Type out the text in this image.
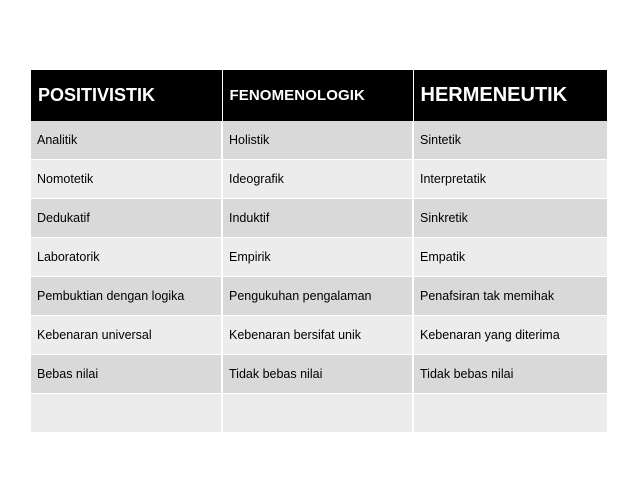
POSITIVISTIK	FENOMENOLOGIK	HERMENEUTIK
Analitik	Holistik	Sintetik
Nomotetik	Ideografik	Interpretatik
Dedukatif	Induktif	Sinkretik
Laboratorik	Empirik	Empatik
Pembuktian dengan logika	Pengukuhan pengalaman	Penafsiran tak memihak
Kebenaran universal	Kebenaran bersifat unik	Kebenaran yang diterima
Bebas nilai	Tidak bebas nilai	Tidak bebas nilai
